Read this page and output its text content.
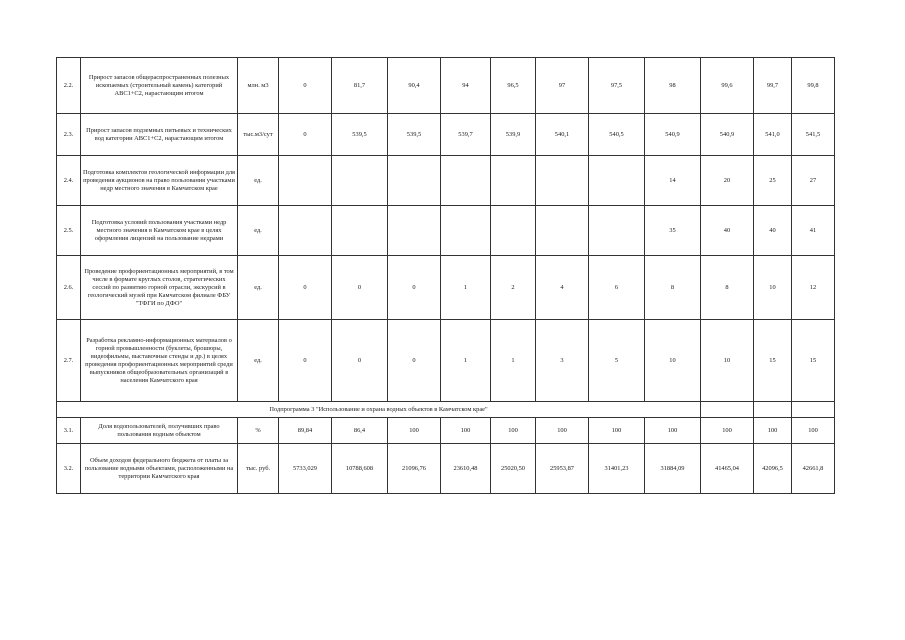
2.2.	Прирост запасов общераспространенных полезных ископаемых (строительный камень) категорий АВС1+С2, нарастающим итогом	млн. м3	0	81,7	90,4	94	96,5	97	97,5	98	99,6	99,7	99,8
2.3.	Прирост запасов подземных питьевых и технических вод категории АВС1+С2, нарастающим итогом	тыс.м3/сут	0	539,5	539,5	539,7	539,9	540,1	540,5	540,9	540,9	541,0	541,5
2.4.	Подготовка комплектов геологической информации для проведения аукционов на право пользования участками недр местного значения в Камчатском крае	ед.								14	20	25	27
2.5.	Подготовка условий пользования участками недр местного значения в Камчатском крае в целях оформления лицензий на пользование недрами	ед.								35	40	40	41
2.6.	Проведение профориентационных мероприятий, в том числе в формате круглых столов, стратегических сессий по развитию горной отрасли, экскурсий в геологический музей при Камчатском филиале ФБУ "ТФГИ по ДФО"	ед.	0	0	0	1	2	4	6	8	8	10	12
2.7.	Разработка рекламно-информационных материалов о горной промышленности (буклеты, брошюры, видеофильмы, выставочные стенды и др.) в целях проведения профориентационных мероприятий среди выпускников общеобразовательных организаций в населения Камчатского края	ед.	0	0	0	1	1	3	5	10	10	15	15
Подпрограмма 3 "Использование и охрана водных объектов в Камчатском крае"													
3.1.	Доля водопользователей, получивших право пользования водным объектом	%	89,84	86,4	100	100	100	100	100	100	100	100	100
3.2.	Объем доходов федерального бюджета от платы за пользование водными объектами, расположенными на территории Камчатского края	тыс. руб.	5733,029	10788,608	21096,76	23610,48	25020,50	25953,87	31401,23	31884,09	41465,04	42096,5	42661,8
